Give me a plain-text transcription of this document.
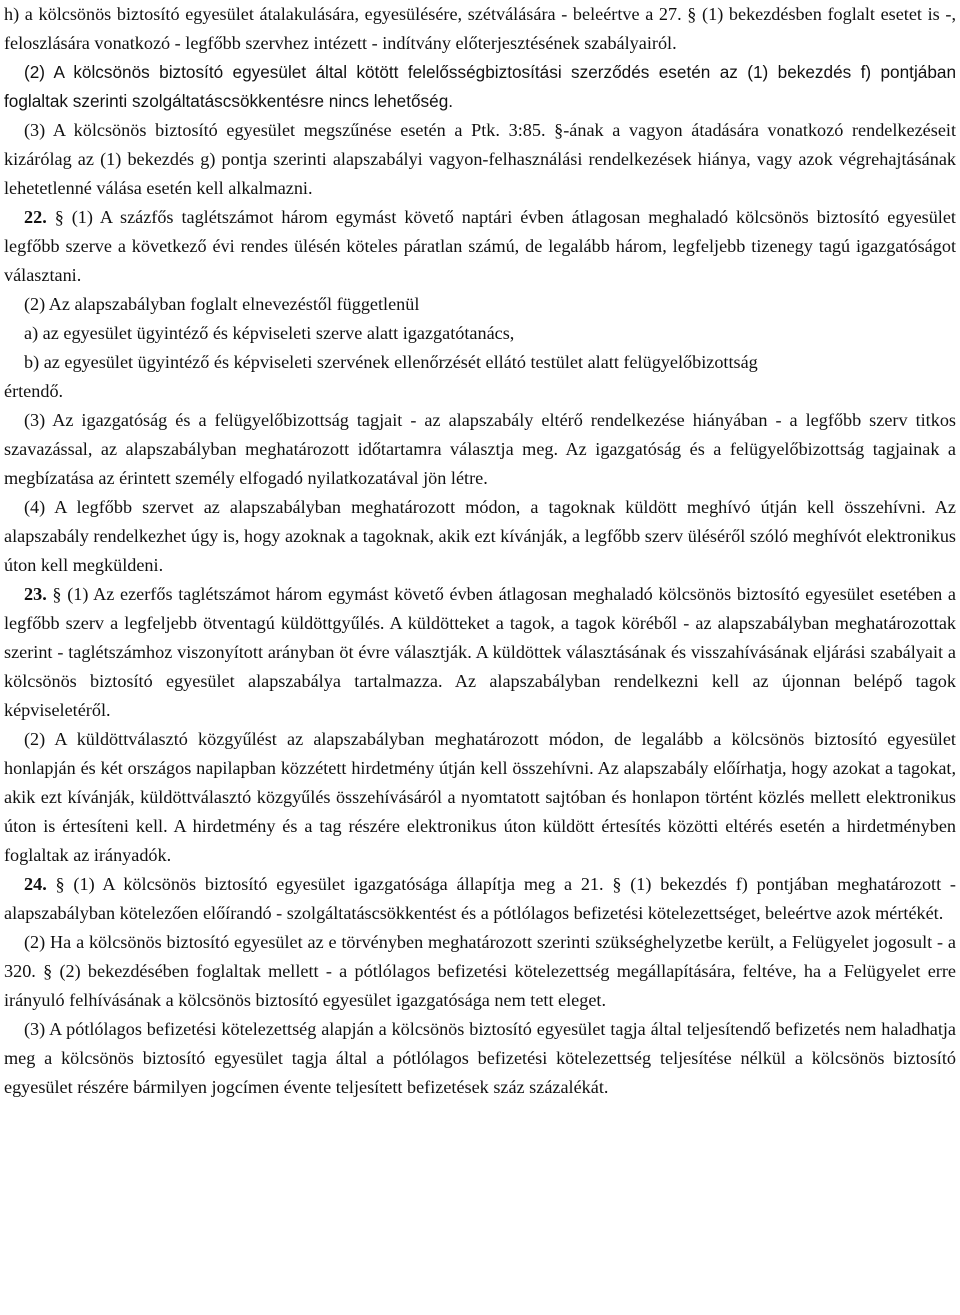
h) a kölcsönös biztosító egyesület átalakulására, egyesülésére, szétválására - beleértve a 27. § (1) bekezdésben foglalt esetet is -, feloszlására vonatkozó - legfőbb szervhez intézett - indítvány előterjesztésének szabályairól.

(2) A kölcsönös biztosító egyesület által kötött felelősségbiztosítási szerződés esetén az (1) bekezdés f) pontjában foglaltak szerinti szolgáltatáscsökkentésre nincs lehetőség.

(3) A kölcsönös biztosító egyesület megszűnése esetén a Ptk. 3:85. §-ának a vagyon átadására vonatkozó rendelkezéseit kizárólag az (1) bekezdés g) pontja szerinti alapszabályi vagyon-felhasználási rendelkezések hiánya, vagy azok végrehajtásának lehetetlenné válása esetén kell alkalmazni.

22. § (1) A százfős taglétszámot három egymást követő naptári évben átlagosan meghaladó kölcsönös biztosító egyesület legfőbb szerve a következő évi rendes ülésén köteles páratlan számú, de legalább három, legfeljebb tizenegy tagú igazgatóságot választani.

(2) Az alapszabályban foglalt elnevezéstől függetlenül

a) az egyesület ügyintéző és képviseleti szerve alatt igazgatótanács,

b) az egyesület ügyintéző és képviseleti szervének ellenőrzését ellátó testület alatt felügyelőbizottság

értendő.

(3) Az igazgatóság és a felügyelőbizottság tagjait - az alapszabály eltérő rendelkezése hiányában - a legfőbb szerv titkos szavazással, az alapszabályban meghatározott időtartamra választja meg. Az igazgatóság és a felügyelőbizottság tagjainak a megbízatása az érintett személy elfogadó nyilatkozatával jön létre.

(4) A legfőbb szervet az alapszabályban meghatározott módon, a tagoknak küldött meghívó útján kell összehívni. Az alapszabály rendelkezhet úgy is, hogy azoknak a tagoknak, akik ezt kívánják, a legfőbb szerv üléséről szóló meghívót elektronikus úton kell megküldeni.

23. § (1) Az ezerfős taglétszámot három egymást követő évben átlagosan meghaladó kölcsönös biztosító egyesület esetében a legfőbb szerv a legfeljebb ötventagú küldöttgyűlés. A küldötteket a tagok, a tagok köréből - az alapszabályban meghatározottak szerint - taglétszámhoz viszonyított arányban öt évre választják. A küldöttek választásának és visszahívásának eljárási szabályait a kölcsönös biztosító egyesület alapszabálya tartalmazza. Az alapszabályban rendelkezni kell az újonnan belépő tagok képviseletéről.

(2) A küldöttválasztó közgyűlést az alapszabályban meghatározott módon, de legalább a kölcsönös biztosító egyesület honlapján és két országos napilapban közzétett hirdetmény útján kell összehívni. Az alapszabály előírhatja, hogy azokat a tagokat, akik ezt kívánják, küldöttválasztó közgyűlés összehívásáról a nyomtatott sajtóban és honlapon történt közlés mellett elektronikus úton is értesíteni kell. A hirdetmény és a tag részére elektronikus úton küldött értesítés közötti eltérés esetén a hirdetményben foglaltak az irányadók.

24. § (1) A kölcsönös biztosító egyesület igazgatósága állapítja meg a 21. § (1) bekezdés f) pontjában meghatározott - alapszabályban kötelezően előírandó - szolgáltatáscsökkentést és a pótlólagos befizetési kötelezettséget, beleértve azok mértékét.

(2) Ha a kölcsönös biztosító egyesület az e törvényben meghatározott szerinti szükséghelyzetbe került, a Felügyelet jogosult - a 320. § (2) bekezdésében foglaltak mellett - a pótlólagos befizetési kötelezettség megállapítására, feltéve, ha a Felügyelet erre irányuló felhívásának a kölcsönös biztosító egyesület igazgatósága nem tett eleget.

(3) A pótlólagos befizetési kötelezettség alapján a kölcsönös biztosító egyesület tagja által teljesítendő befizetés nem haladhatja meg a kölcsönös biztosító egyesület tagja által a pótlólagos befizetési kötelezettség teljesítése nélkül a kölcsönös biztosító egyesület részére bármilyen jogcímen évente teljesített befizetések száz százalékát.
